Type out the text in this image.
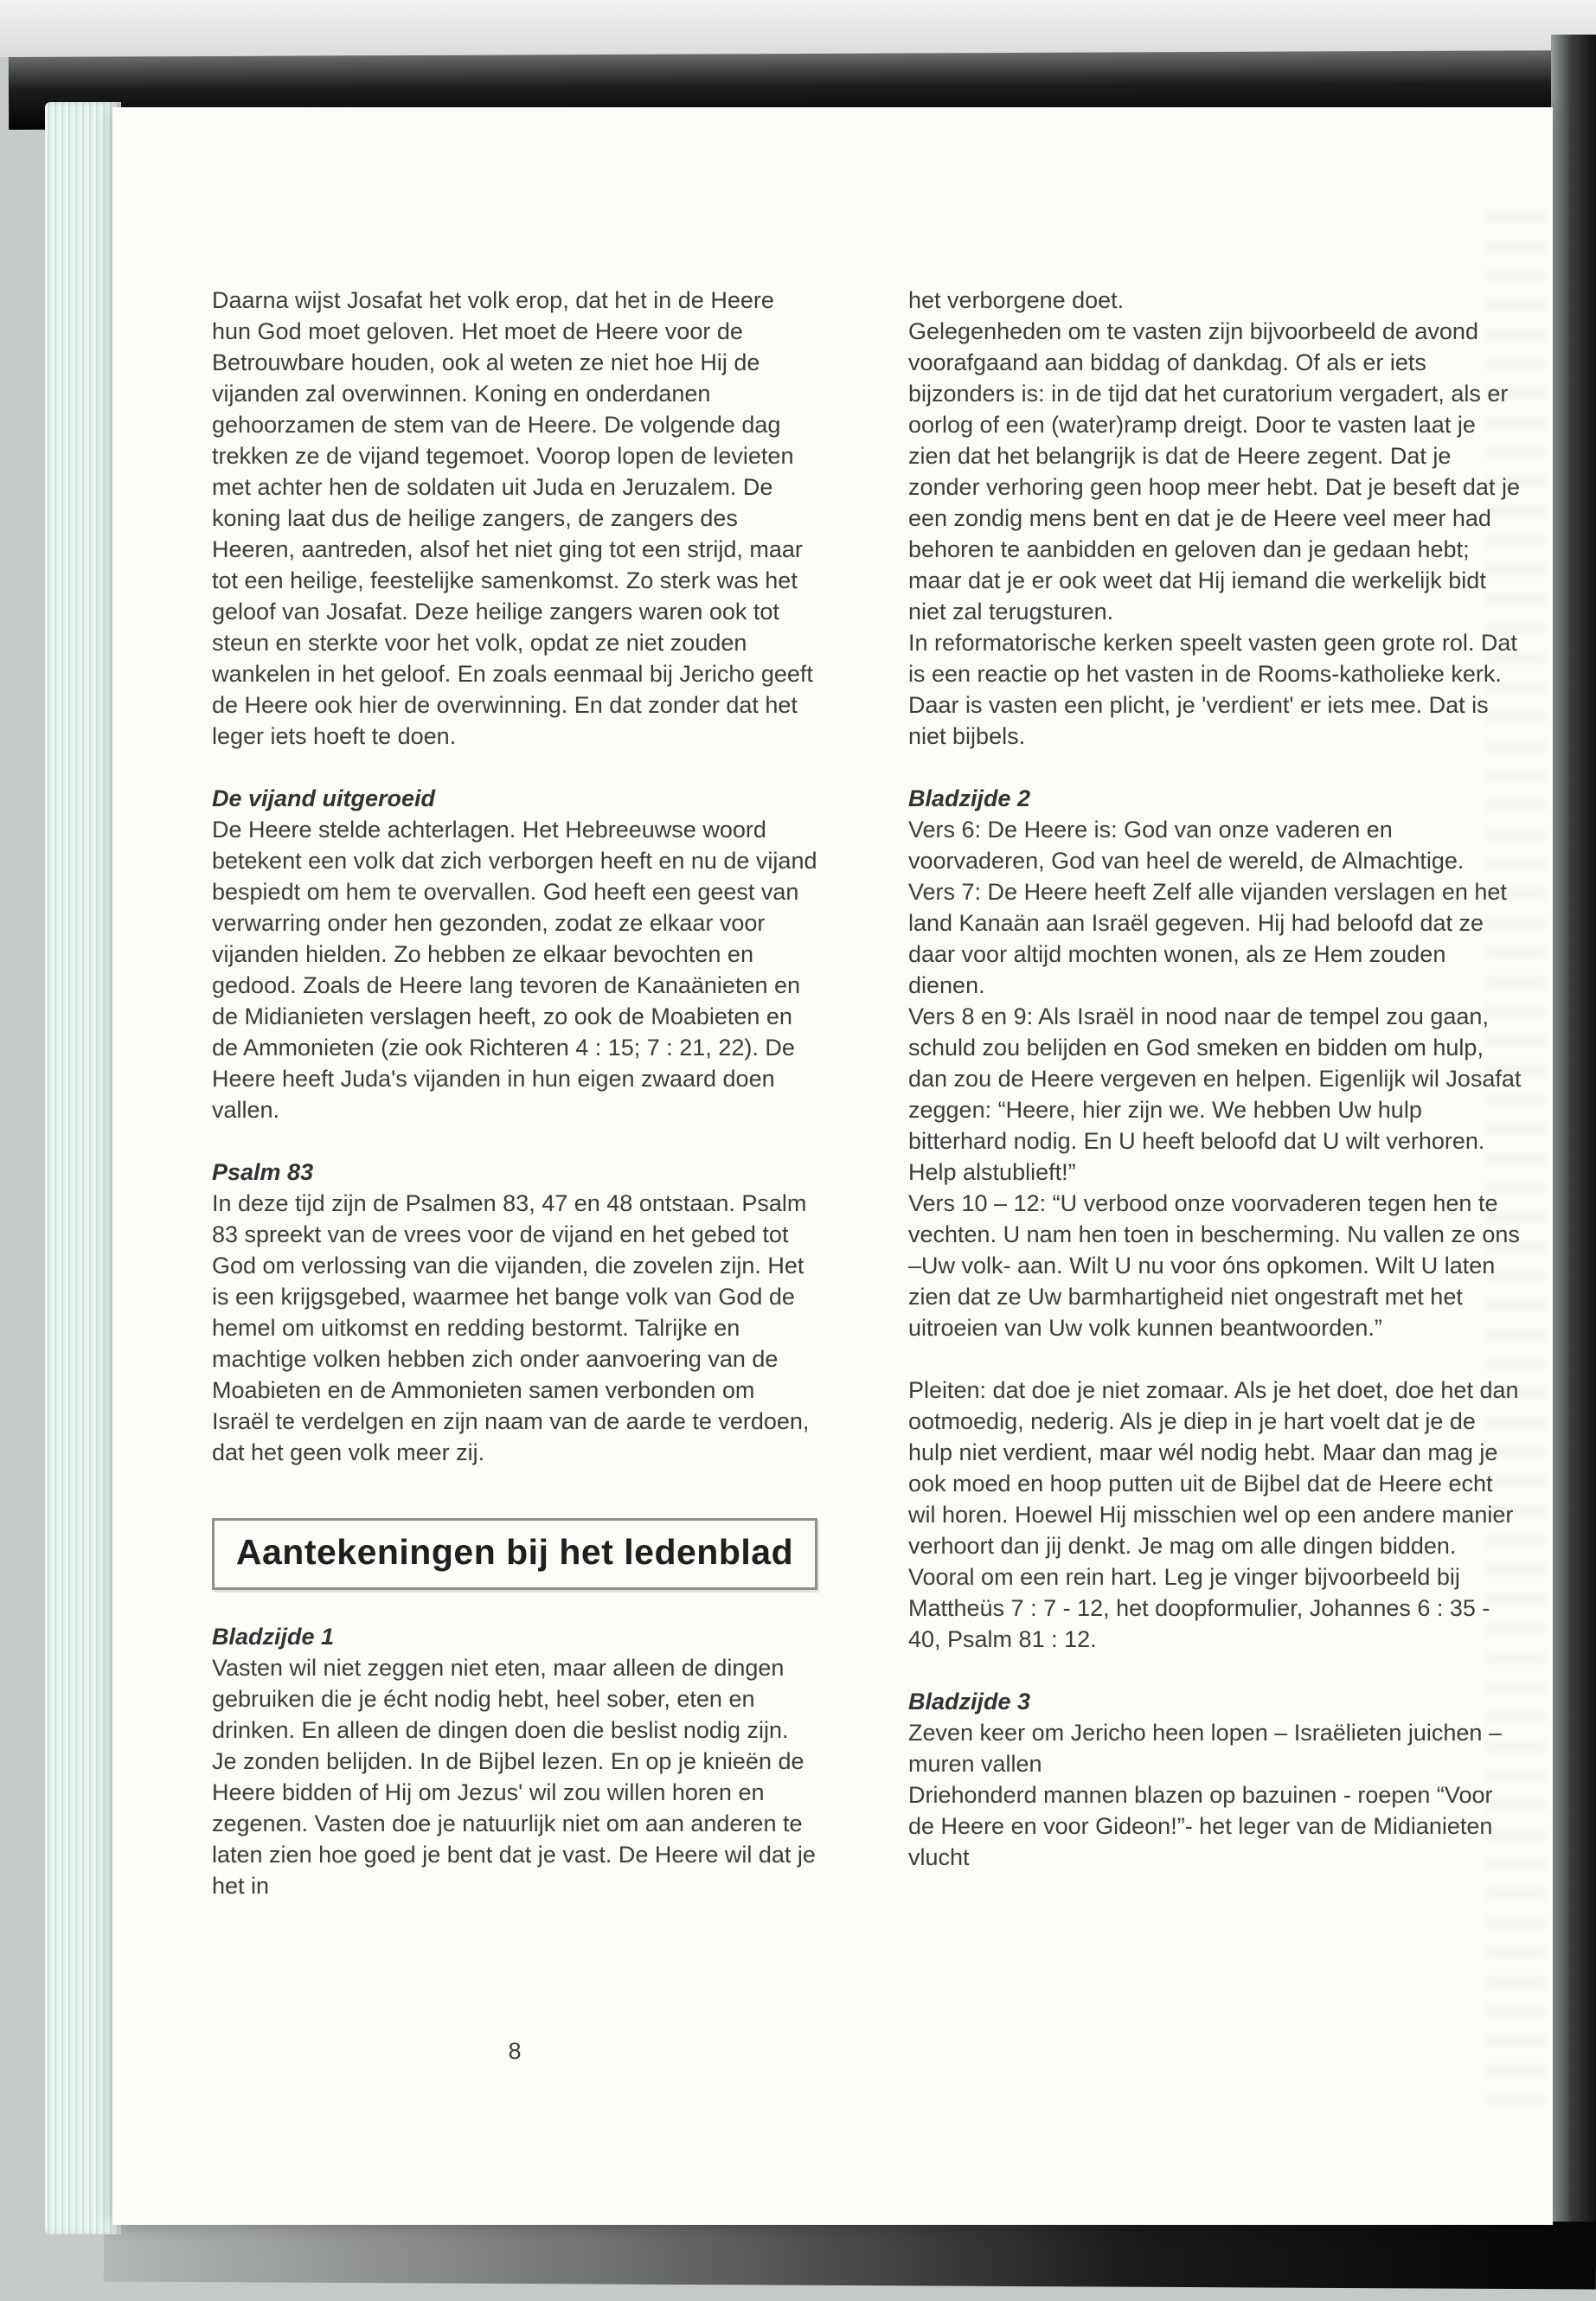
Daarna wijst Josafat het volk erop, dat het in de Heere hun God moet geloven. Het moet de Heere voor de Betrouwbare houden, ook al weten ze niet hoe Hij de vijanden zal overwinnen. Koning en onderdanen gehoorzamen de stem van de Heere. De volgende dag trekken ze de vijand tegemoet. Voorop lopen de levieten met achter hen de soldaten uit Juda en Jeruzalem. De koning laat dus de heilige zangers, de zangers des Heeren, aantreden, alsof het niet ging tot een strijd, maar tot een heilige, feestelijke samenkomst. Zo sterk was het geloof van Josafat. Deze heilige zangers waren ook tot steun en sterkte voor het volk, opdat ze niet zouden wankelen in het geloof. En zoals eenmaal bij Jericho geeft de Heere ook hier de overwinning. En dat zonder dat het leger iets hoeft te doen.

De vijand uitgeroeid

De Heere stelde achterlagen. Het Hebreeuwse woord betekent een volk dat zich verborgen heeft en nu de vijand bespiedt om hem te overvallen. God heeft een geest van verwarring onder hen gezonden, zodat ze elkaar voor vijanden hielden. Zo hebben ze elkaar bevochten en gedood. Zoals de Heere lang tevoren de Kanaänieten en de Midianieten verslagen heeft, zo ook de Moabieten en de Ammonieten (zie ook Richteren 4 : 15; 7 : 21, 22). De Heere heeft Juda's vijanden in hun eigen zwaard doen vallen.

Psalm 83

In deze tijd zijn de Psalmen 83, 47 en 48 ontstaan. Psalm 83 spreekt van de vrees voor de vijand en het gebed tot God om verlossing van die vijanden, die zovelen zijn. Het is een krijgsgebed, waarmee het bange volk van God de hemel om uitkomst en redding bestormt. Talrijke en machtige volken hebben zich onder aanvoering van de Moabieten en de Ammonieten samen verbonden om Israël te verdelgen en zijn naam van de aarde te verdoen, dat het geen volk meer zij.

Aantekeningen bij het ledenblad
Bladzijde 1

Vasten wil niet zeggen niet eten, maar alleen de dingen gebruiken die je écht nodig hebt, heel sober, eten en drinken. En alleen de dingen doen die beslist nodig zijn. Je zonden belijden. In de Bijbel lezen. En op je knieën de Heere bidden of Hij om Jezus' wil zou willen horen en zegenen. Vasten doe je natuurlijk niet om aan anderen te laten zien hoe goed je bent dat je vast. De Heere wil dat je het in

het verborgene doet.

Gelegenheden om te vasten zijn bijvoorbeeld de avond voorafgaand aan biddag of dankdag. Of als er iets bijzonders is: in de tijd dat het curatorium vergadert, als er oorlog of een (water)ramp dreigt. Door te vasten laat je zien dat het belangrijk is dat de Heere zegent. Dat je zonder verhoring geen hoop meer hebt. Dat je beseft dat je een zondig mens bent en dat je de Heere veel meer had behoren te aanbidden en geloven dan je gedaan hebt; maar dat je er ook weet dat Hij iemand die werkelijk bidt niet zal terugsturen.

In reformatorische kerken speelt vasten geen grote rol. Dat is een reactie op het vasten in de Rooms-katholieke kerk. Daar is vasten een plicht, je 'verdient' er iets mee. Dat is niet bijbels.

Bladzijde 2

Vers 6: De Heere is: God van onze vaderen en voorvaderen, God van heel de wereld, de Almachtige.

Vers 7: De Heere heeft Zelf alle vijanden verslagen en het land Kanaän aan Israël gegeven. Hij had beloofd dat ze daar voor altijd mochten wonen, als ze Hem zouden dienen.

Vers 8 en 9: Als Israël in nood naar de tempel zou gaan, schuld zou belijden en God smeken en bidden om hulp, dan zou de Heere vergeven en helpen. Eigenlijk wil Josafat zeggen: “Heere, hier zijn we. We hebben Uw hulp bitterhard nodig. En U heeft beloofd dat U wilt verhoren. Help alstublieft!”

Vers 10 – 12: “U verbood onze voorvaderen tegen hen te vechten. U nam hen toen in bescherming. Nu vallen ze ons –Uw volk- aan. Wilt U nu voor óns opkomen. Wilt U laten zien dat ze Uw barmhartigheid niet ongestraft met het uitroeien van Uw volk kunnen beantwoorden.”

Pleiten: dat doe je niet zomaar. Als je het doet, doe het dan ootmoedig, nederig. Als je diep in je hart voelt dat je de hulp niet verdient, maar wél nodig hebt. Maar dan mag je ook moed en hoop putten uit de Bijbel dat de Heere echt wil horen. Hoewel Hij misschien wel op een andere manier verhoort dan jij denkt. Je mag om alle dingen bidden. Vooral om een rein hart. Leg je vinger bijvoorbeeld bij Mattheüs 7 : 7 - 12, het doopformulier, Johannes 6 : 35 - 40, Psalm 81 : 12.

Bladzijde 3

Zeven keer om Jericho heen lopen – Israëlieten juichen – muren vallen

Driehonderd mannen blazen op bazuinen - roepen “Voor de Heere en voor Gideon!”- het leger van de Midianieten vlucht

8
